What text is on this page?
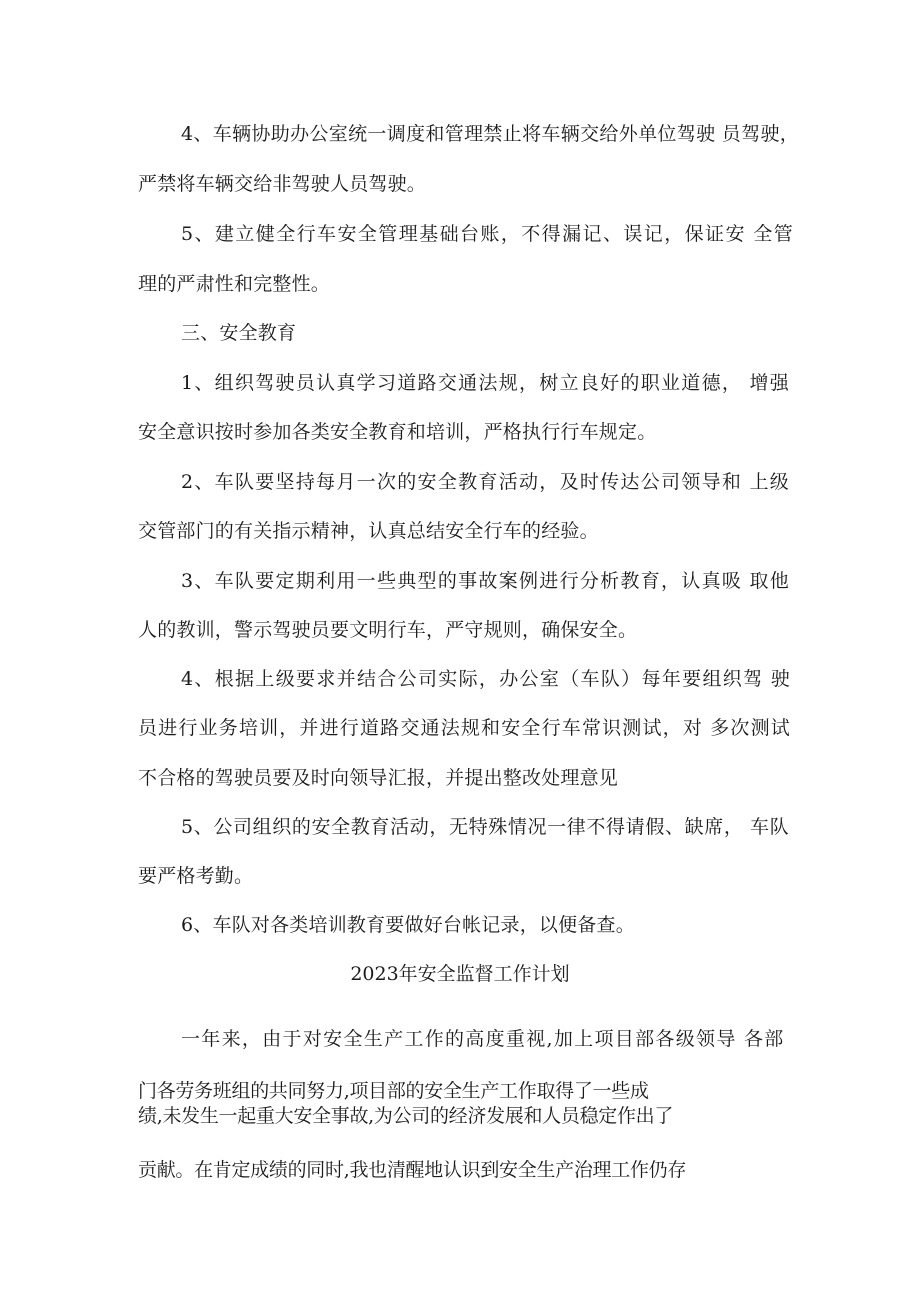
4、车辆协助办公室统一调度和管理禁止将车辆交给外单位驾驶 员驾驶，
严禁将车辆交给非驾驶人员驾驶。
5、建立健全行车安全管理基础台账，不得漏记、误记，保证安 全管
理的严肃性和完整性。
三、安全教育
1、组织驾驶员认真学习道路交通法规，树立良好的职业道德， 增强
安全意识按时参加各类安全教育和培训，严格执行行车规定。
2、车队要坚持每月一次的安全教育活动，及时传达公司领导和 上级
交管部门的有关指示精神，认真总结安全行车的经验。
3、车队要定期利用一些典型的事故案例进行分析教育，认真吸 取他
人的教训，警示驾驶员要文明行车，严守规则，确保安全。
4、根据上级要求并结合公司实际，办公室（车队）每年要组织驾 驶
员进行业务培训，并进行道路交通法规和安全行车常识测试，对 多次测试
不合格的驾驶员要及时向领导汇报，并提出整改处理意见
5、公司组织的安全教育活动，无特殊情况一律不得请假、缺席， 车队
要严格考勤。
6、车队对各类培训教育要做好台帐记录，以便备查。
2023年安全监督工作计划
一年来，由于对安全生产工作的高度重视,加上项目部各级领导 各部
门各劳务班组的共同努力,项目部的安全生产工作取得了一些成
绩,未发生一起重大安全事故,为公司的经济发展和人员稳定作出了
贡献。在肯定成绩的同时,我也清醒地认识到安全生产治理工作仍存
